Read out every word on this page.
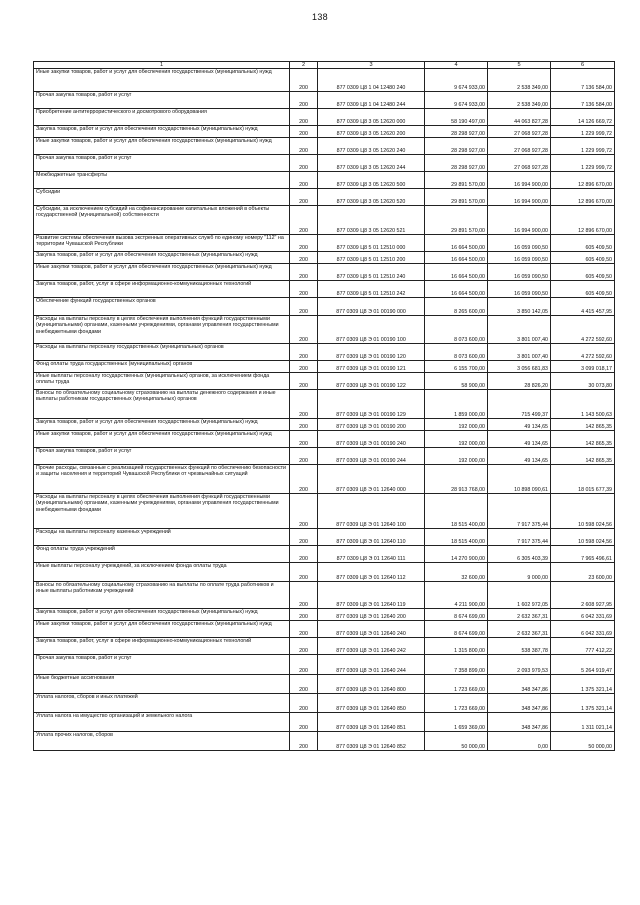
138
1	2	3	4	5	6
Иные закупки товаров, работ и услуг для обеспечения государственных (муниципальных) нужд	200	877 0309 Ц8 1 04 12480 240	9 674 933,00	2 538 349,00	7 136 584,00
Прочая закупка товаров, работ и услуг	200	877 0309 Ц8 1 04 12480 244	9 674 933,00	2 538 349,00	7 136 584,00
Приобретение антитеррористического и досмотрового оборудования	200	877 0309 Ц8 3 05 12620 000	58 190 497,00	44 063 827,28	14 126 669,72
Закупка товаров, работ и услуг для обеспечения государственных (муниципальных) нужд	200	877 0309 Ц8 3 05 12620 200	28 298 927,00	27 068 927,28	1 229 999,72
Иные закупки товаров, работ и услуг для обеспечения государственных (муниципальных) нужд	200	877 0309 Ц8 3 05 12620 240	28 298 927,00	27 068 927,28	1 229 999,72
Прочая закупка товаров, работ и услуг	200	877 0309 Ц8 3 05 12620 244	28 298 927,00	27 068 927,28	1 229 999,72
Межбюджетные трансферты	200	877 0309 Ц8 3 05 12620 500	29 891 570,00	16 994 900,00	12 896 670,00
Субсидии	200	877 0309 Ц8 3 05 12620 520	29 891 570,00	16 994 900,00	12 896 670,00
Субсидии, за исключением субсидий на софинансирование капитальных вложений в объекты государственной (муниципальной) собственности	200	877 0309 Ц8 3 05 12620 521	29 891 570,00	16 994 900,00	12 896 670,00
Развитие системы обеспечения вызова экстренных оперативных служб по единому номеру "112" на территории Чувашской Республики	200	877 0309 Ц8 5 01 12510 000	16 664 500,00	16 059 090,50	605 409,50
Закупка товаров, работ и услуг для обеспечения государственных (муниципальных) нужд	200	877 0309 Ц8 5 01 12510 200	16 664 500,00	16 059 090,50	605 409,50
Иные закупки товаров, работ и услуг для обеспечения государственных (муниципальных) нужд	200	877 0309 Ц8 5 01 12510 240	16 664 500,00	16 059 090,50	605 409,50
Закупка товаров, работ, услуг в сфере информационно-коммуникационных технологий	200	877 0309 Ц8 5 01 12510 242	16 664 500,00	16 059 090,50	605 409,50
Обеспечение функций государственных органов	200	877 0309 Ц8 Э 01 00190 000	8 265 600,00	3 850 142,05	4 415 457,95
Расходы на выплаты персоналу в целях обеспечения выполнения функций государственными (муниципальными) органами, казенными учреждениями, органами управления государственными внебюджетными фондами	200	877 0309 Ц8 Э 01 00190 100	8 073 600,00	3 801 007,40	4 272 592,60
Расходы на выплаты персоналу государственных (муниципальных) органов	200	877 0309 Ц8 Э 01 00190 120	8 073 600,00	3 801 007,40	4 272 592,60
Фонд оплаты труда государственных (муниципальных) органов	200	877 0309 Ц8 Э 01 00190 121	6 155 700,00	3 056 681,83	3 099 018,17
Иные выплаты персоналу государственных (муниципальных) органов, за исключением фонда оплаты труда	200	877 0309 Ц8 Э 01 00190 122	58 900,00	28 826,20	30 073,80
Взносы по обязательному социальному страхованию на выплаты денежного содержания и иные выплаты работникам государственных (муниципальных) органов	200	877 0309 Ц8 Э 01 00190 129	1 859 000,00	715 499,37	1 143 500,63
Закупка товаров, работ и услуг для обеспечения государственных (муниципальных) нужд	200	877 0309 Ц8 Э 01 00190 200	192 000,00	49 134,65	142 865,35
Иные закупки товаров, работ и услуг для обеспечения государственных (муниципальных) нужд	200	877 0309 Ц8 Э 01 00190 240	192 000,00	49 134,65	142 865,35
Прочая закупка товаров, работ и услуг	200	877 0309 Ц8 Э 01 00190 244	192 000,00	49 134,65	142 865,35
Прочие расходы, связанные с реализацией государственных функций по обеспечению безопасности и защиты населения и территорий Чувашской Республики от чрезвычайных ситуаций	200	877 0309 Ц8 Э 01 12640 000	28 913 768,00	10 898 090,61	18 015 677,39
Расходы на выплаты персоналу в целях обеспечения выполнения функций государственными (муниципальными) органами, казенными учреждениями, органами управления государственными внебюджетными фондами	200	877 0309 Ц8 Э 01 12640 100	18 515 400,00	7 917 375,44	10 598 024,56
Расходы на выплаты персоналу казенных учреждений	200	877 0309 Ц8 Э 01 12640 110	18 515 400,00	7 917 375,44	10 598 024,56
Фонд оплаты труда учреждений	200	877 0309 Ц8 Э 01 12640 111	14 270 900,00	6 305 403,39	7 965 496,61
Иные выплаты персоналу учреждений, за исключением фонда оплаты труда	200	877 0309 Ц8 Э 01 12640 112	32 600,00	9 000,00	23 600,00
Взносы по обязательному социальному страхованию на выплаты по оплате труда работников и иные выплаты работникам учреждений	200	877 0309 Ц8 Э 01 12640 119	4 211 900,00	1 602 972,05	2 608 927,95
Закупка товаров, работ и услуг для обеспечения государственных (муниципальных) нужд	200	877 0309 Ц8 Э 01 12640 200	8 674 699,00	2 632 367,31	6 042 331,69
Иные закупки товаров, работ и услуг для обеспечения государственных (муниципальных) нужд	200	877 0309 Ц8 Э 01 12640 240	8 674 699,00	2 632 367,31	6 042 331,69
Закупка товаров, работ, услуг в сфере информационно-коммуникационных технологий	200	877 0309 Ц8 Э 01 12640 242	1 315 800,00	538 387,78	777 412,22
Прочая закупка товаров, работ и услуг	200	877 0309 Ц8 Э 01 12640 244	7 358 899,00	2 093 979,53	5 264 919,47
Иные бюджетные ассигнования	200	877 0309 Ц8 Э 01 12640 800	1 723 669,00	348 347,86	1 375 321,14
Уплата налогов, сборов и иных платежей	200	877 0309 Ц8 Э 01 12640 850	1 723 669,00	348 347,86	1 375 321,14
Уплата налога на имущество организаций и земельного налога	200	877 0309 Ц8 Э 01 12640 851	1 659 369,00	348 347,86	1 311 021,14
Уплата прочих налогов, сборов	200	877 0309 Ц8 Э 01 12640 852	50 000,00	0,00	50 000,00
